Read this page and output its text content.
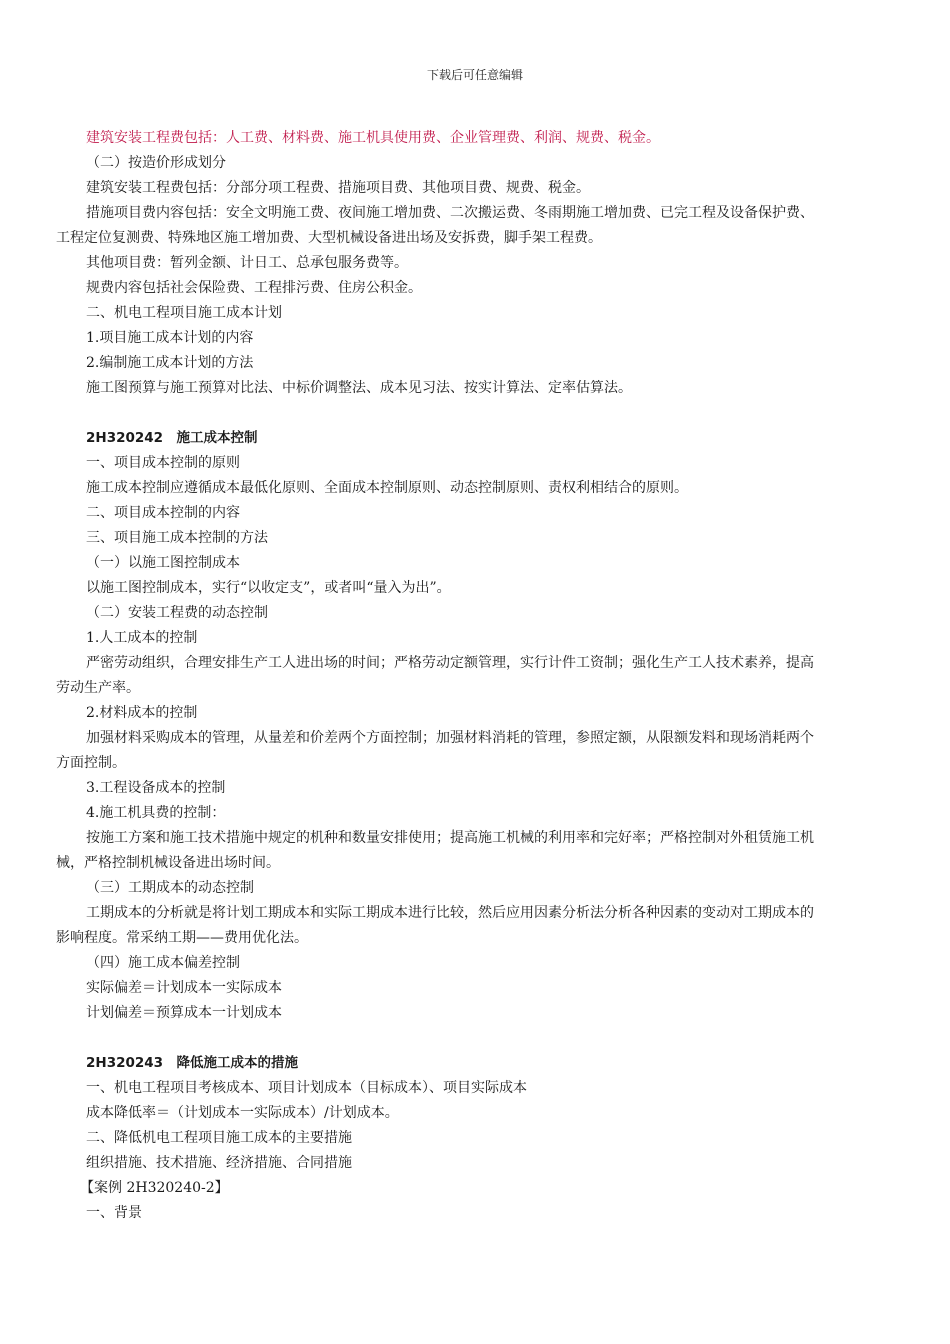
下载后可任意编辑
建筑安装工程费包括：人工费、材料费、施工机具使用费、企业管理费、利润、规费、税金。
（二）按造价形成划分
建筑安装工程费包括：分部分项工程费、措施项目费、其他项目费、规费、税金。
措施项目费内容包括：安全文明施工费、夜间施工增加费、二次搬运费、冬雨期施工增加费、已完工程及设备保护费、
工程定位复测费、特殊地区施工增加费、大型机械设备进出场及安拆费，脚手架工程费。
其他项目费：暂列金额、计日工、总承包服务费等。
规费内容包括社会保险费、工程排污费、住房公积金。
二、机电工程项目施工成本计划
1.项目施工成本计划的内容
2.编制施工成本计划的方法
施工图预算与施工预算对比法、中标价调整法、成本见习法、按实计算法、定率估算法。
2H320242　施工成本控制
一、项目成本控制的原则
施工成本控制应遵循成本最低化原则、全面成本控制原则、动态控制原则、责权利相结合的原则。
二、项目成本控制的内容
三、项目施工成本控制的方法
（一）以施工图控制成本
以施工图控制成本，实行“以收定支”，或者叫“量入为出”。
（二）安装工程费的动态控制
1.人工成本的控制
严密劳动组织，合理安排生产工人进出场的时间；严格劳动定额管理，实行计件工资制；强化生产工人技术素养，提高
劳动生产率。
2.材料成本的控制
加强材料采购成本的管理，从量差和价差两个方面控制；加强材料消耗的管理，参照定额，从限额发料和现场消耗两个
方面控制。
3.工程设备成本的控制
4.施工机具费的控制：
按施工方案和施工技术措施中规定的机种和数量安排使用；提高施工机械的利用率和完好率；严格控制对外租赁施工机
械，严格控制机械设备进出场时间。
（三）工期成本的动态控制
工期成本的分析就是将计划工期成本和实际工期成本进行比较，然后应用因素分析法分析各种因素的变动对工期成本的
影响程度。常采纳工期——费用优化法。
（四）施工成本偏差控制
实际偏差＝计划成本一实际成本
计划偏差＝预算成本一计划成本
2H320243　降低施工成本的措施
一、机电工程项目考核成本、项目计划成本（目标成本）、项目实际成本
成本降低率＝（计划成本一实际成本）/计划成本。
二、降低机电工程项目施工成本的主要措施
组织措施、技术措施、经济措施、合同措施
【案例 2H320240-2】
一、背景
